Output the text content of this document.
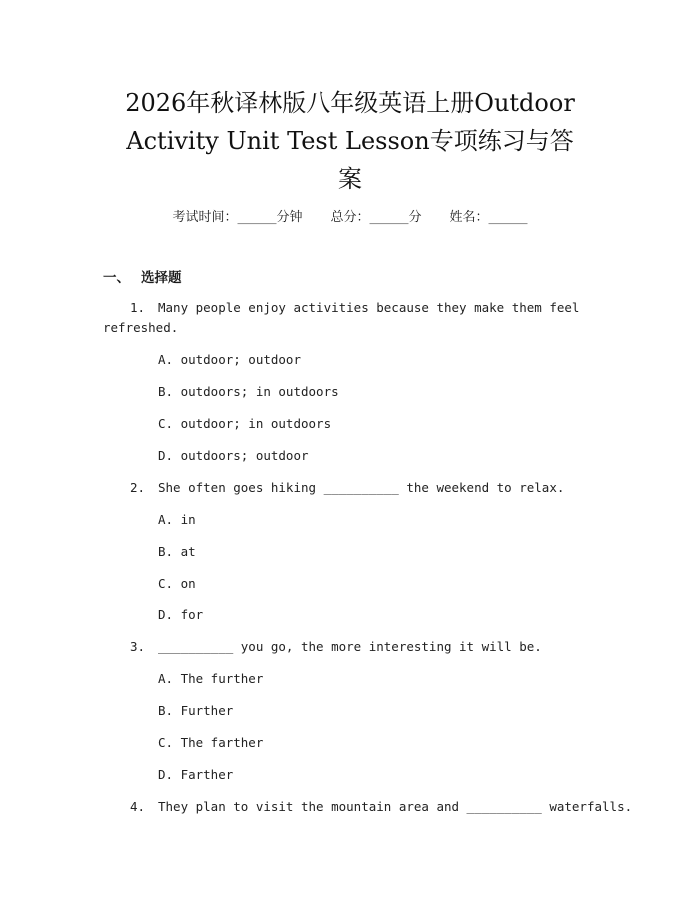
2026年秋译林版八年级英语上册Outdoor
Activity Unit Test Lesson专项练习与答
案
考试时间：______分钟 总分：______分 姓名：______
一、 选择题
1. Many people enjoy activities because they make them feel
refreshed.
A. outdoor; outdoor
B. outdoors; in outdoors
C. outdoor; in outdoors
D. outdoors; outdoor
2. She often goes hiking __________ the weekend to relax.
A. in
B. at
C. on
D. for
3. __________ you go, the more interesting it will be.
A. The further
B. Further
C. The farther
D. Farther
4. They plan to visit the mountain area and __________ waterfalls.
